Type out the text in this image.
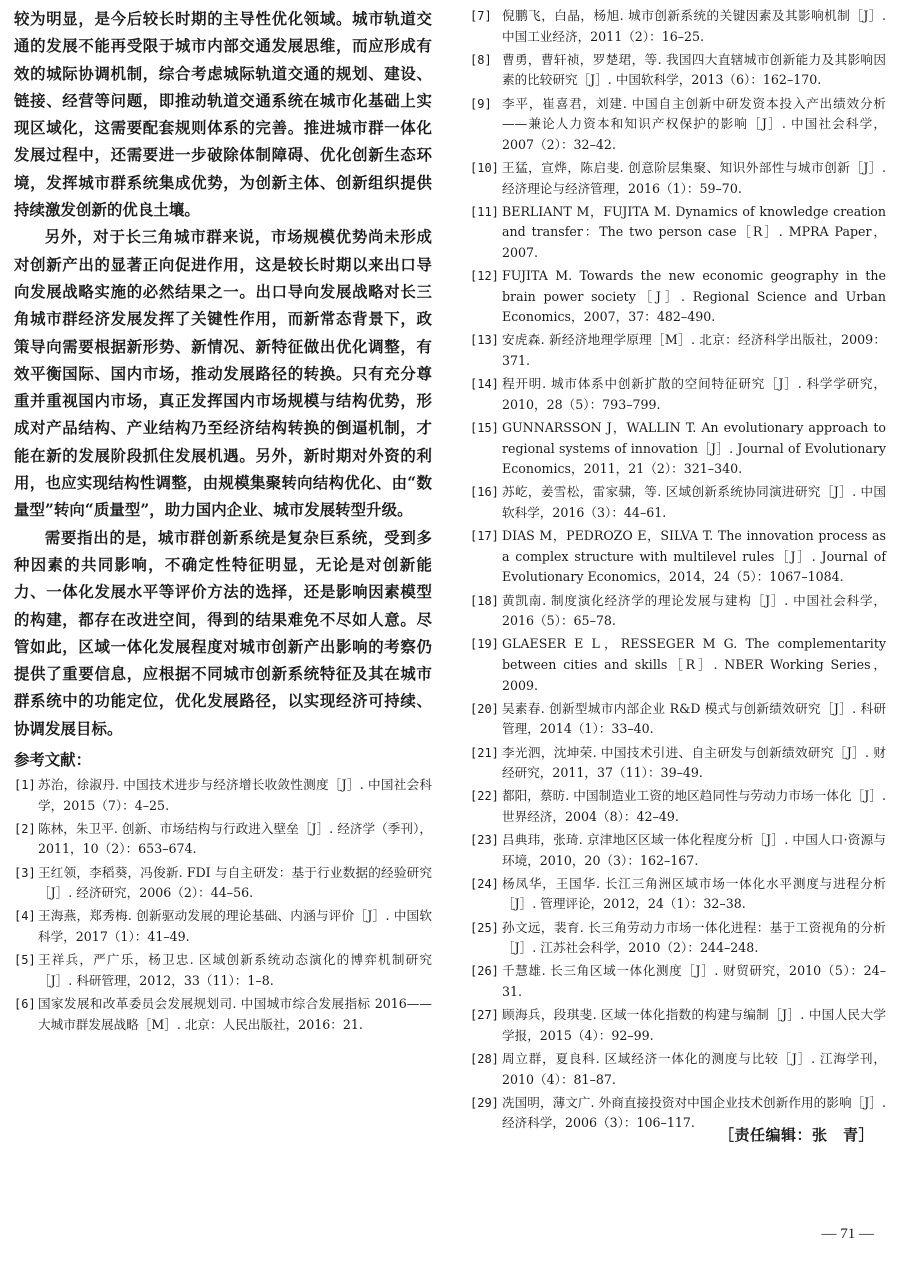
较为明显，是今后较长时期的主导性优化领域。城市轨道交通的发展不能再受限于城市内部交通发展思维，而应形成有效的城际协调机制，综合考虑城际轨道交通的规划、建设、链接、经营等问题，即推动轨道交通系统在城市化基础上实现区域化，这需要配套规则体系的完善。推进城市群一体化发展过程中，还需要进一步破除体制障碍、优化创新生态环境，发挥城市群系统集成优势，为创新主体、创新组织提供持续激发创新的优良土壤。

另外，对于长三角城市群来说，市场规模优势尚未形成对创新产出的显著正向促进作用，这是较长时期以来出口导向发展战略实施的必然结果之一。出口导向发展战略对长三角城市群经济发展发挥了关键性作用，而新常态背景下，政策导向需要根据新形势、新情况、新特征做出优化调整，有效平衡国际、国内市场，推动发展路径的转换。只有充分尊重并重视国内市场，真正发挥国内市场规模与结构优势，形成对产品结构、产业结构乃至经济结构转换的倒逼机制，才能在新的发展阶段抓住发展机遇。另外，新时期对外资的利用，也应实现结构性调整，由规模集聚转向结构优化、由“数量型”转向“质量型”，助力国内企业、城市发展转型升级。

需要指出的是，城市群创新系统是复杂巨系统，受到多种因素的共同影响，不确定性特征明显，无论是对创新能力、一体化发展水平等评价方法的选择，还是影响因素模型的构建，都存在改进空间，得到的结果难免不尽如人意。尽管如此，区域一体化发展程度对城市创新产出影响的考察仍提供了重要信息，应根据不同城市创新系统特征及其在城市群系统中的功能定位，优化发展路径，以实现经济可持续、协调发展目标。

参考文献：
[1] 苏治，徐淑丹. 中国技术进步与经济增长收敛性测度［J］. 中国社会科学，2015（7）：4–25.
[2] 陈林，朱卫平. 创新、市场结构与行政进入壁垒［J］. 经济学（季刊），2011，10（2）：653–674.
[3] 王红领，李稻葵，冯俊新. FDI 与自主研发：基于行业数据的经验研究［J］. 经济研究，2006（2）：44–56.
[4] 王海燕，郑秀梅. 创新驱动发展的理论基础、内涵与评价［J］. 中国软科学，2017（1）：41–49.
[5] 王祥兵，严广乐，杨卫忠. 区域创新系统动态演化的博弈机制研究［J］. 科研管理，2012，33（11）：1–8.
[6] 国家发展和改革委员会发展规划司. 中国城市综合发展指标 2016——大城市群发展战略［M］. 北京：人民出版社，2016：21.
[7] 倪鹏飞，白晶，杨旭. 城市创新系统的关键因素及其影响机制［J］. 中国工业经济，2011（2）：16–25.
[8] 曹勇，曹轩祯，罗楚珺，等. 我国四大直辖城市创新能力及其影响因素的比较研究［J］. 中国软科学，2013（6）：162–170.
[9] 李平，崔喜君，刘建. 中国自主创新中研发资本投入产出绩效分析——兼论人力资本和知识产权保护的影响［J］. 中国社会科学，2007（2）：32–42.
[10] 王猛，宣烨，陈启斐. 创意阶层集聚、知识外部性与城市创新［J］. 经济理论与经济管理，2016（1）：59–70.
[11] BERLIANT M，FUJITA M. Dynamics of knowledge creation and transfer：The two person case［R］. MPRA Paper，2007.
[12] FUJITA M. Towards the new economic geography in the brain power society［J］. Regional Science and Urban Economics，2007，37：482–490.
[13] 安虎森. 新经济地理学原理［M］. 北京：经济科学出版社，2009：371.
[14] 程开明. 城市体系中创新扩散的空间特征研究［J］. 科学学研究，2010，28（5）：793–799.
[15] GUNNARSSON J，WALLIN T. An evolutionary approach to regional systems of innovation［J］. Journal of Evolutionary Economics，2011，21（2）：321–340.
[16] 苏屹，姜雪松，雷家骕，等. 区域创新系统协同演进研究［J］. 中国软科学，2016（3）：44–61.
[17] DIAS M，PEDROZO E，SILVA T. The innovation process as a complex structure with multilevel rules［J］. Journal of Evolutionary Economics，2014，24（5）：1067–1084.
[18] 黄凯南. 制度演化经济学的理论发展与建构［J］. 中国社会科学，2016（5）：65–78.
[19] GLAESER E L，RESSEGER M G. The complementarity between cities and skills［R］. NBER Working Series，2009.
[20] 吴素春. 创新型城市内部企业 R&D 模式与创新绩效研究［J］. 科研管理，2014（1）：33–40.
[21] 李光泗，沈坤荣. 中国技术引进、自主研发与创新绩效研究［J］. 财经研究，2011，37（11）：39–49.
[22] 都阳，蔡昉. 中国制造业工资的地区趋同性与劳动力市场一体化［J］. 世界经济，2004（8）：42–49.
[23] 吕典玮，张琦. 京津地区区域一体化程度分析［J］. 中国人口·资源与环境，2010，20（3）：162–167.
[24] 杨凤华，王国华. 长江三角洲区域市场一体化水平测度与进程分析［J］. 管理评论，2012，24（1）：32–38.
[25] 孙文远，裴育. 长三角劳动力市场一体化进程：基于工资视角的分析［J］. 江苏社会科学，2010（2）：244–248.
[26] 千慧雄. 长三角区域一体化测度［J］. 财贸研究，2010（5）：24–31.
[27] 顾海兵，段琪斐. 区域一体化指数的构建与编制［J］. 中国人民大学学报，2015（4）：92–99.
[28] 周立群，夏良科. 区域经济一体化的测度与比较［J］. 江海学刊，2010（4）：81–87.
[29] 冼国明，薄文广. 外商直接投资对中国企业技术创新作用的影响［J］. 经济科学，2006（3）：106–117.
［责任编辑：张　青］
— 71 —
